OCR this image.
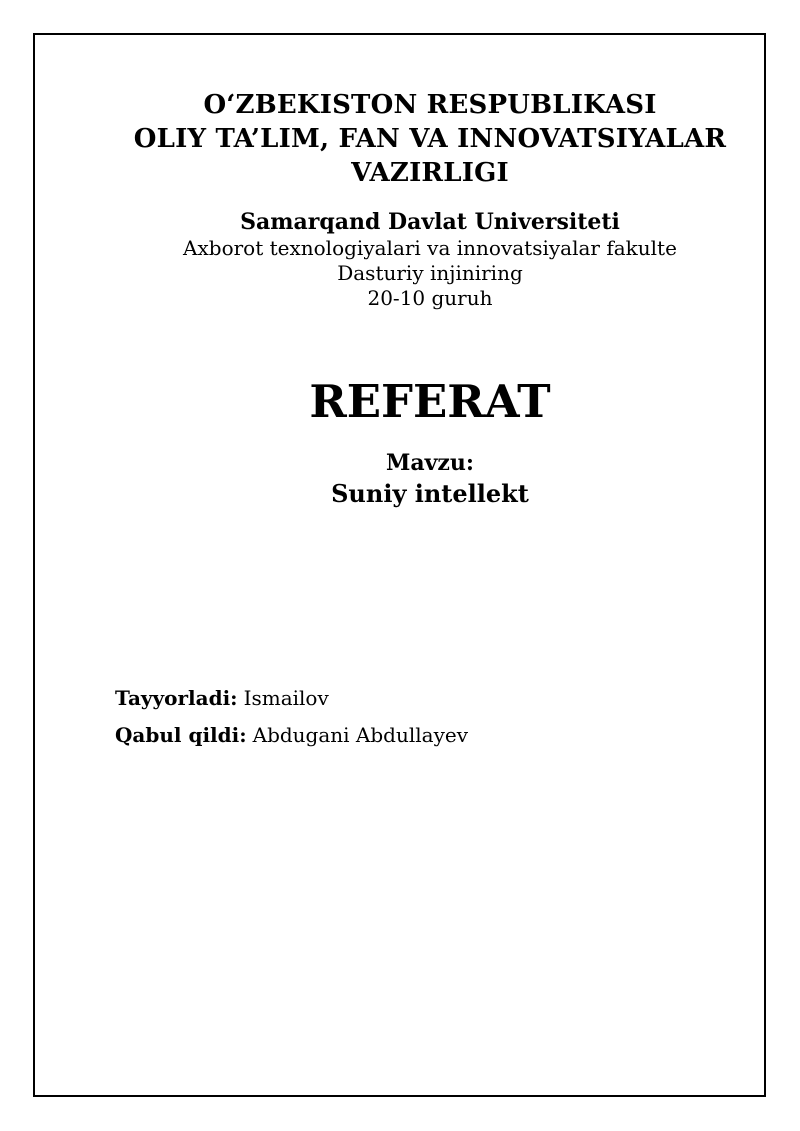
OʻZBEKISTON RESPUBLIKASI
OLIY TA’LIM, FAN VA INNOVATSIYALAR
VAZIRLIGI
Samarqand Davlat Universiteti
Axborot texnologiyalari va innovatsiyalar fakulte
Dasturiy injiniring
20-10 guruh
REFERAT
Mavzu:
Suniy intellekt
Tayyorladi: Ismailov
Qabul qildi: Abdugani Abdullayev
